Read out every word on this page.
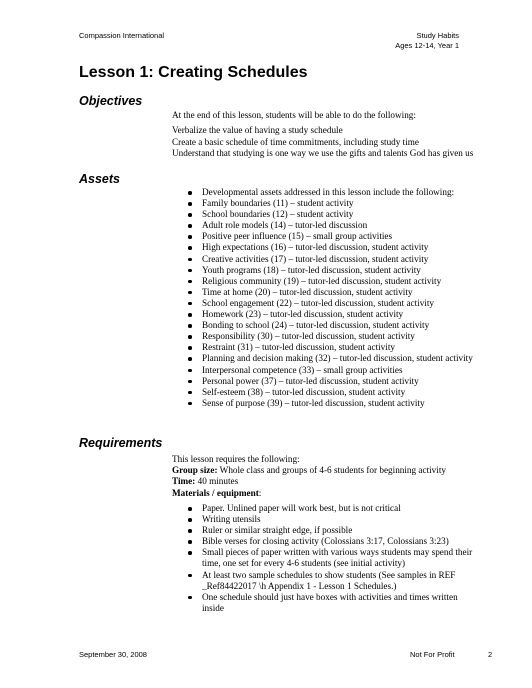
Compassion International	Study Habits
Ages 12-14, Year 1
Lesson 1: Creating Schedules
Objectives
At the end of this lesson, students will be able to do the following:
Verbalize the value of having a study schedule
Create a basic schedule of time commitments, including study time
Understand that studying is one way we use the gifts and talents God has given us
Assets
Developmental assets addressed in this lesson include the following:
Family boundaries (11) – student activity
School boundaries (12) – student activity
Adult role models (14) – tutor-led discussion
Positive peer influence (15) – small group activities
High expectations (16) – tutor-led discussion, student activity
Creative activities (17) – tutor-led discussion, student activity
Youth programs (18) – tutor-led discussion, student activity
Religious community (19) – tutor-led discussion, student activity
Time at home (20) – tutor-led discussion, student activity
School engagement (22) – tutor-led discussion, student activity
Homework (23) – tutor-led discussion, student activity
Bonding to school (24) – tutor-led discussion, student activity
Responsibility (30) – tutor-led discussion, student activity
Restraint (31) – tutor-led discussion, student activity
Planning and decision making (32) – tutor-led discussion, student activity
Interpersonal competence (33) – small group activities
Personal power (37) – tutor-led discussion, student activity
Self-esteem (38) – tutor-led discussion, student activity
Sense of purpose (39) – tutor-led discussion, student activity
Requirements
This lesson requires the following:
Group size: Whole class and groups of 4-6 students for beginning activity
Time: 40 minutes
Materials / equipment:
Paper. Unlined paper will work best, but is not critical
Writing utensils
Ruler or similar straight edge, if possible
Bible verses for closing activity (Colossians 3:17, Colossians 3:23)
Small pieces of paper written with various ways students may spend their
time, one set for every 4-6 students (see initial activity)
At least two sample schedules to show students (See samples in REF
_Ref84422017 \h Appendix 1 - Lesson 1 Schedules.)
One schedule should just have boxes with activities and times written
inside
September 30, 2008	Not For Profit	2
